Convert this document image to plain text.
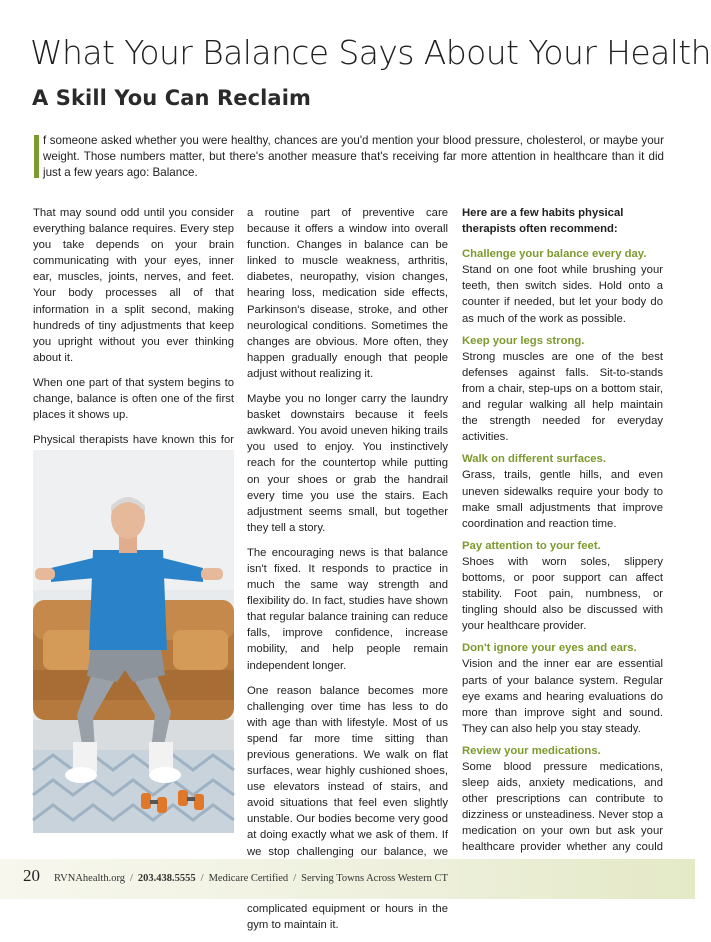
What Your Balance Says About Your Health
A Skill You Can Reclaim
f someone asked whether you were healthy, chances are you'd mention your blood pressure, cholesterol, or maybe your weight. Those numbers matter, but there's another measure that's receiving far more attention in healthcare than it did just a few years ago: Balance.

That may sound odd until you consider everything balance requires. Every step you take depends on your brain communicating with your eyes, inner ear, muscles, joints, nerves, and feet. Your body processes all of that information in a split second, making hundreds of tiny adjustments that keep you upright without you ever thinking about it.

When one part of that system begins to change, balance is often one of the first places it shows up.

Physical therapists have known this for

a routine part of preventive care because it offers a window into overall function. Changes in balance can be linked to muscle weakness, arthritis, diabetes, neuropathy, vision changes, hearing loss, medication side effects, Parkinson's disease, stroke, and other neurological conditions. Sometimes the changes are obvious. More often, they happen gradually enough that people adjust without realizing it.

Maybe you no longer carry the laundry basket downstairs because it feels awkward. You avoid uneven hiking trails you used to enjoy. You instinctively reach for the countertop while putting on your shoes or grab the handrail every time you use the stairs. Each adjustment seems small, but together they tell a story.

The encouraging news is that balance isn't fixed. It responds to practice in much the same way strength and flexibility do. In fact, studies have shown that regular balance training can reduce falls, improve confidence, increase mobility, and help people remain independent longer.

One reason balance becomes more challenging over time has less to do with age than with lifestyle. Most of us spend far more time sitting than previous generations. We walk on flat surfaces, wear highly cushioned shoes, use elevators instead of stairs, and avoid situations that feel even slightly unstable. Our bodies become very good at doing exactly what we ask of them. If we stop challenging our balance, we

complicated equipment or hours in the gym to maintain it.

Here are a few habits physical therapists often recommend:
Challenge your balance every day.
Stand on one foot while brushing your teeth, then switch sides. Hold onto a counter if needed, but let your body do as much of the work as possible.
Keep your legs strong.
Strong muscles are one of the best defenses against falls. Sit-to-stands from a chair, step-ups on a bottom stair, and regular walking all help maintain the strength needed for everyday activities.
Walk on different surfaces.
Grass, trails, gentle hills, and even uneven sidewalks require your body to make small adjustments that improve coordination and reaction time.
Pay attention to your feet.
Shoes with worn soles, slippery bottoms, or poor support can affect stability. Foot pain, numbness, or tingling should also be discussed with your healthcare provider.
Don't ignore your eyes and ears.
Vision and the inner ear are essential parts of your balance system. Regular eye exams and hearing evaluations do more than improve sight and sound. They can also help you stay steady.
Review your medications.
Some blood pressure medications, sleep aids, anxiety medications, and other prescriptions can contribute to dizziness or unsteadiness. Never stop a medication on your own but ask your healthcare provider whether any could
20 RVNAhealth.org / 203.438.5555 / Medicare Certified / Serving Towns Across Western CT
